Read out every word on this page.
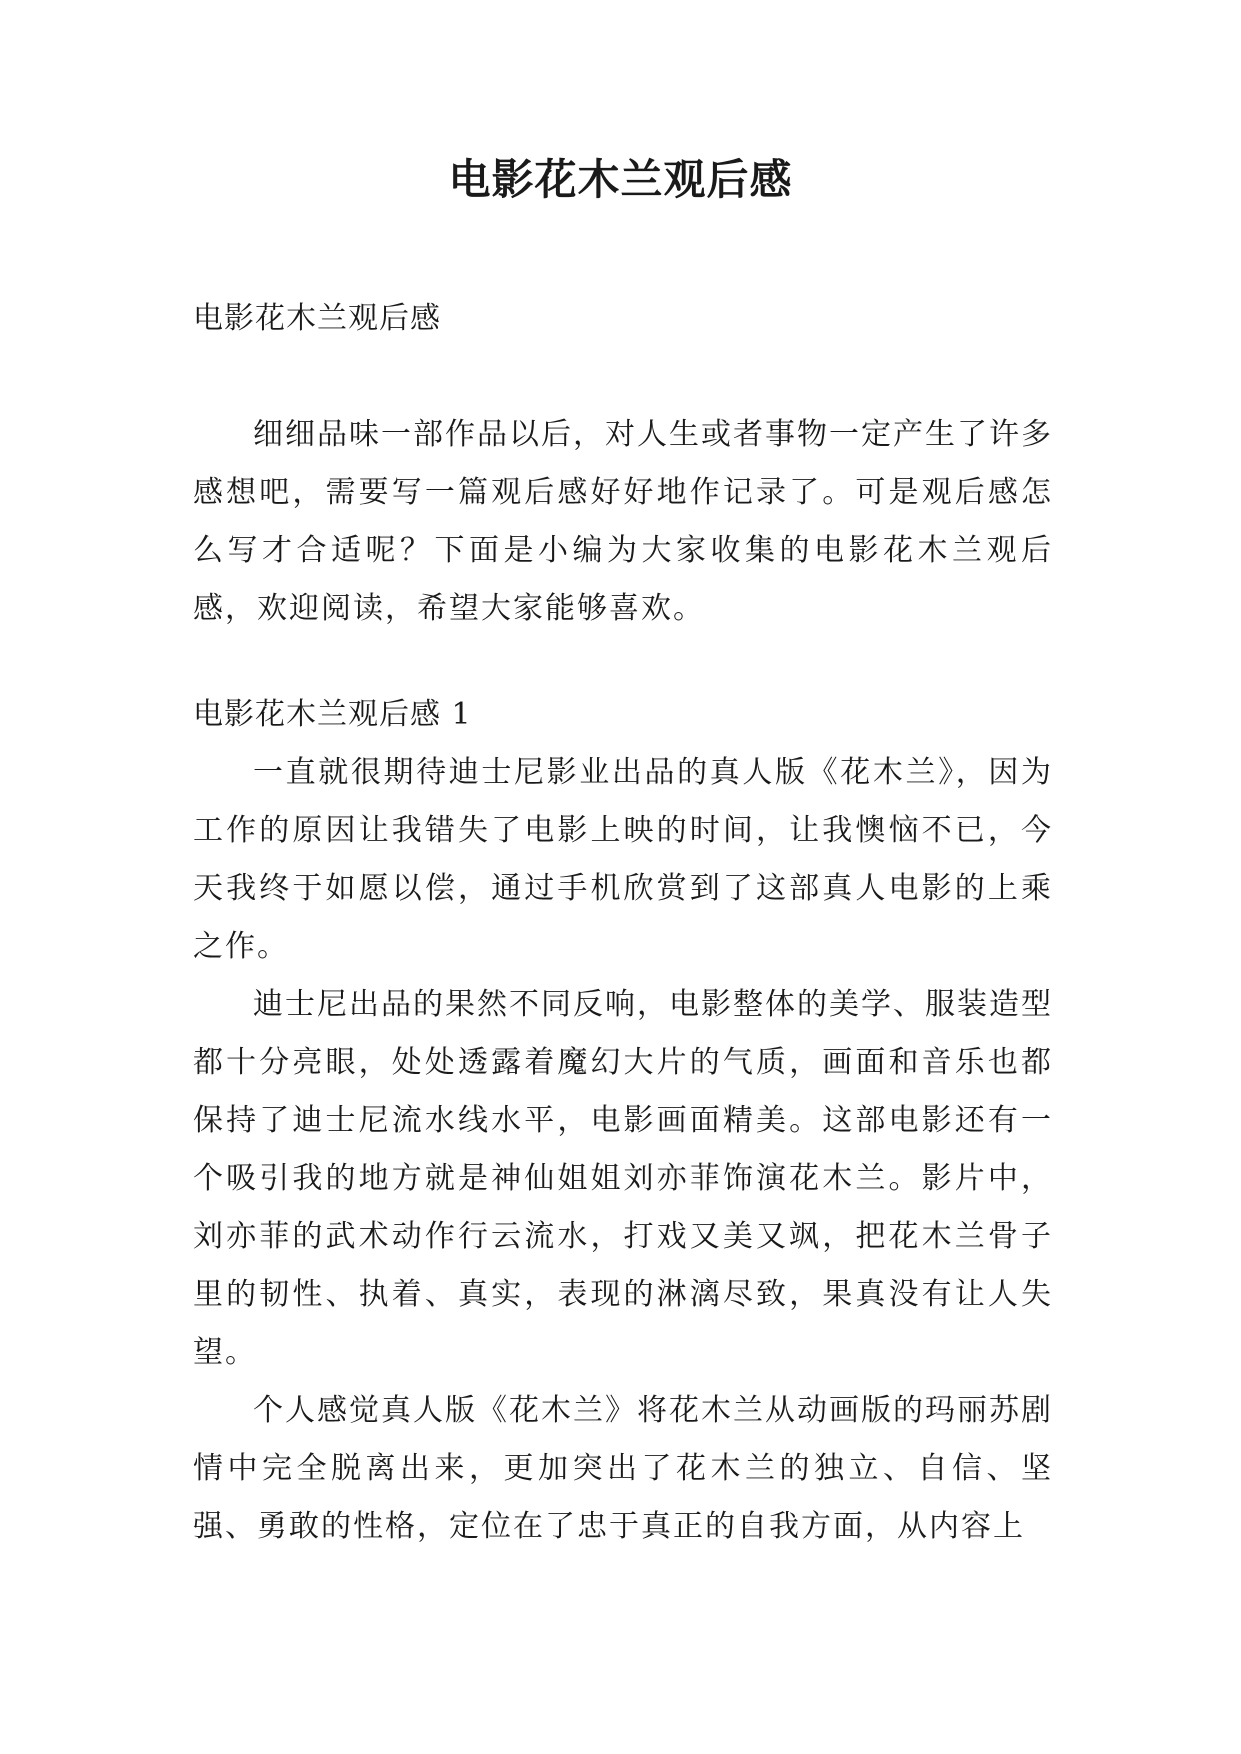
电影花木兰观后感

电影花木兰观后感

细细品味一部作品以后，对人生或者事物一定产生了许多感想吧，需要写一篇观后感好好地作记录了。可是观后感怎么写才合适呢？下面是小编为大家收集的电影花木兰观后感，欢迎阅读，希望大家能够喜欢。

电影花木兰观后感 1

一直就很期待迪士尼影业出品的真人版《花木兰》，因为工作的原因让我错失了电影上映的时间，让我懊恼不已，今天我终于如愿以偿，通过手机欣赏到了这部真人电影的上乘之作。

迪士尼出品的果然不同反响，电影整体的美学、服装造型都十分亮眼，处处透露着魔幻大片的气质，画面和音乐也都保持了迪士尼流水线水平，电影画面精美。这部电影还有一个吸引我的地方就是神仙姐姐刘亦菲饰演花木兰。影片中，刘亦菲的武术动作行云流水，打戏又美又飒，把花木兰骨子里的韧性、执着、真实，表现的淋漓尽致，果真没有让人失望。

个人感觉真人版《花木兰》将花木兰从动画版的玛丽苏剧情中完全脱离出来，更加突出了花木兰的独立、自信、坚强、勇敢的性格，定位在了忠于真正的自我方面，从内容上
